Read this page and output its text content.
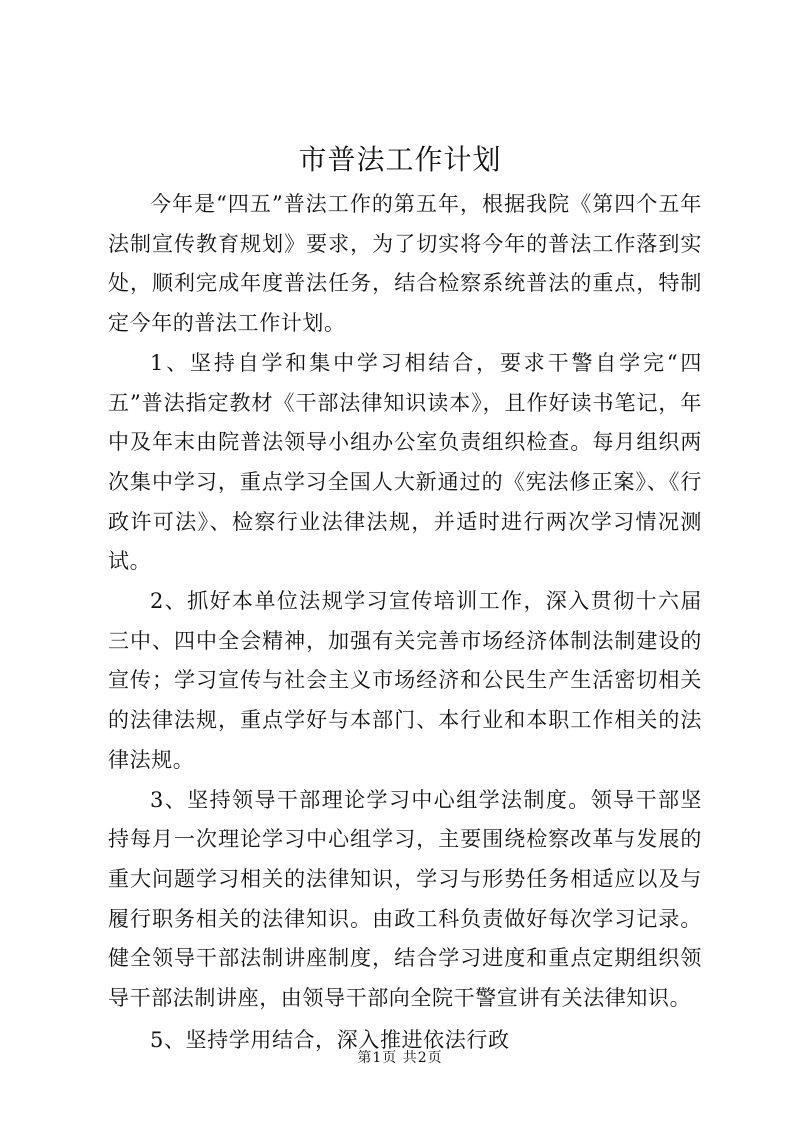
市普法工作计划

今年是“四五”普法工作的第五年，根据我院《第四个五年法制宣传教育规划》要求，为了切实将今年的普法工作落到实处，顺利完成年度普法任务，结合检察系统普法的重点，特制定今年的普法工作计划。

1、坚持自学和集中学习相结合，要求干警自学完“四五”普法指定教材《干部法律知识读本》，且作好读书笔记，年中及年末由院普法领导小组办公室负责组织检查。每月组织两次集中学习，重点学习全国人大新通过的《宪法修正案》、《行政许可法》、检察行业法律法规，并适时进行两次学习情况测试。

2、抓好本单位法规学习宣传培训工作，深入贯彻十六届三中、四中全会精神，加强有关完善市场经济体制法制建设的宣传；学习宣传与社会主义市场经济和公民生产生活密切相关的法律法规，重点学好与本部门、本行业和本职工作相关的法律法规。

3、坚持领导干部理论学习中心组学法制度。领导干部坚持每月一次理论学习中心组学习，主要围绕检察改革与发展的重大问题学习相关的法律知识，学习与形势任务相适应以及与履行职务相关的法律知识。由政工科负责做好每次学习记录。健全领导干部法制讲座制度，结合学习进度和重点定期组织领导干部法制讲座，由领导干部向全院干警宣讲有关法律知识。

5、坚持学用结合，深入推进依法行政

第1页 共2页
